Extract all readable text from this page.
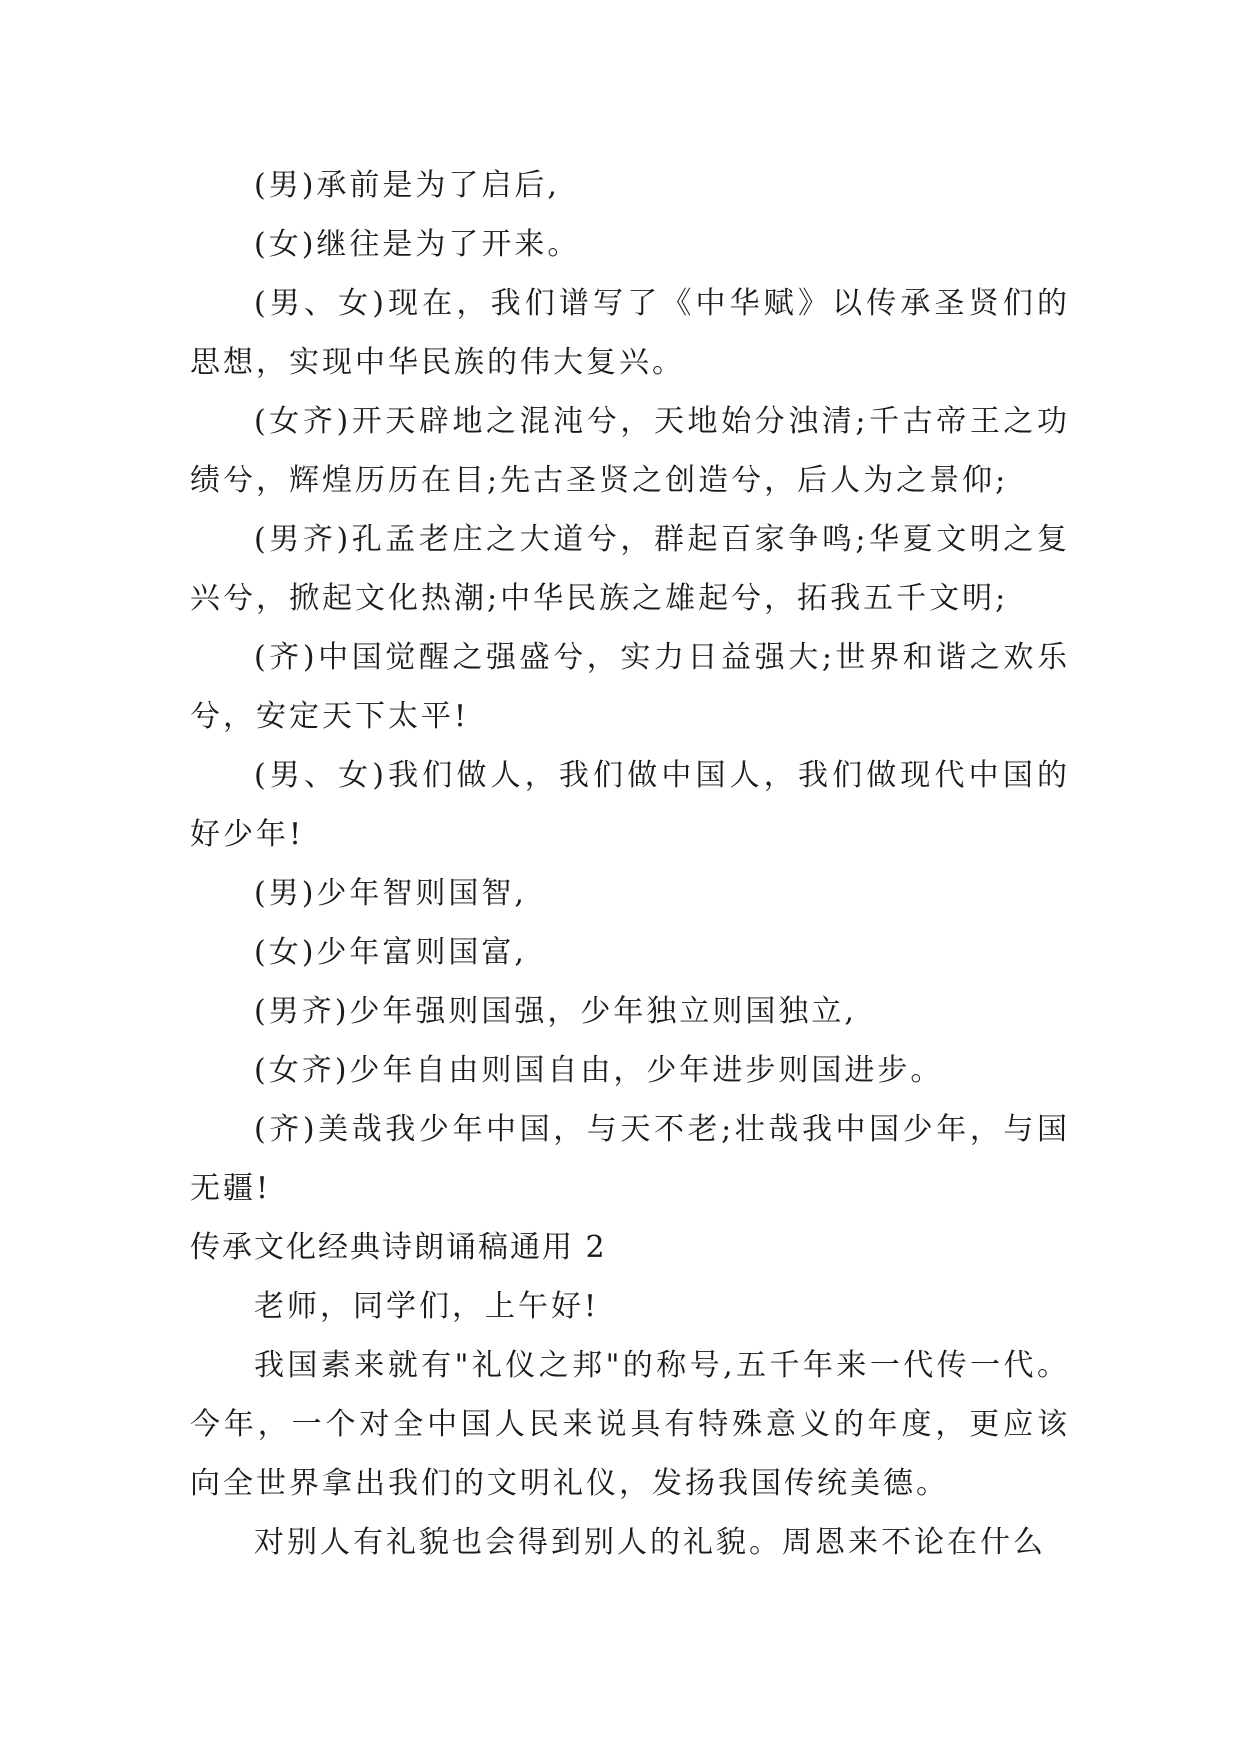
(男)承前是为了启后,

(女)继往是为了开来。

(男、女)现在，我们谱写了《中华赋》以传承圣贤们的思想，实现中华民族的伟大复兴。

(女齐)开天辟地之混沌兮，天地始分浊清;千古帝王之功绩兮，辉煌历历在目;先古圣贤之创造兮，后人为之景仰;

(男齐)孔孟老庄之大道兮，群起百家争鸣;华夏文明之复兴兮，掀起文化热潮;中华民族之雄起兮，拓我五千文明;

(齐)中国觉醒之强盛兮，实力日益强大;世界和谐之欢乐兮，安定天下太平!

(男、女)我们做人，我们做中国人，我们做现代中国的好少年!

(男)少年智则国智,

(女)少年富则国富,

(男齐)少年强则国强，少年独立则国独立,

(女齐)少年自由则国自由，少年进步则国进步。

(齐)美哉我少年中国，与天不老;壮哉我中国少年，与国无疆!

传承文化经典诗朗诵稿通用 2

老师，同学们，上午好!

我国素来就有"礼仪之邦"的称号,五千年来一代传一代。今年，一个对全中国人民来说具有特殊意义的年度，更应该向全世界拿出我们的文明礼仪，发扬我国传统美德。

对别人有礼貌也会得到别人的礼貌。周恩来不论在什么
